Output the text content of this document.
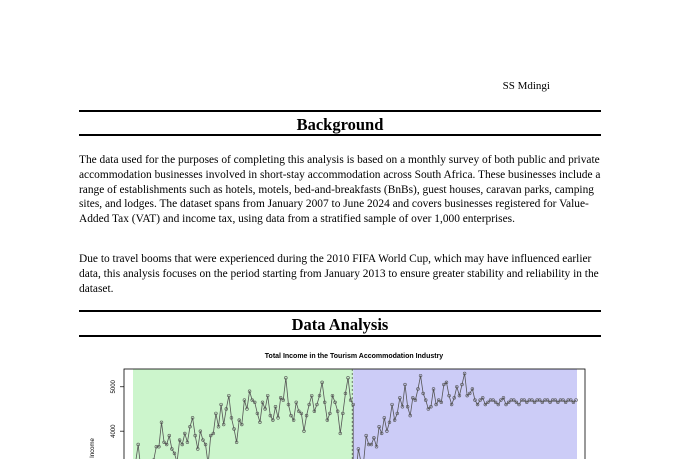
SS Mdingi
Background

The data used for the purposes of completing this analysis is based on a monthly survey of both public and private accommodation businesses involved in short-stay accommodation across South Africa. These businesses include a range of establishments such as hotels, motels, bed-and-breakfasts (BnBs), guest houses, caravan parks, camping sites, and lodges. The dataset spans from January 2007 to June 2024 and covers businesses registered for Value-Added Tax (VAT) and income tax, using data from a stratified sample of over 1,000 enterprises.

Due to travel booms that were experienced during the 2010 FIFA World Cup, which may have influenced earlier data, this analysis focuses on the period starting from January 2013 to ensure greater stability and reliability in the dataset.

Data Analysis
Total Income in the Tourism Accommodation Industry
4000
5000
Income
